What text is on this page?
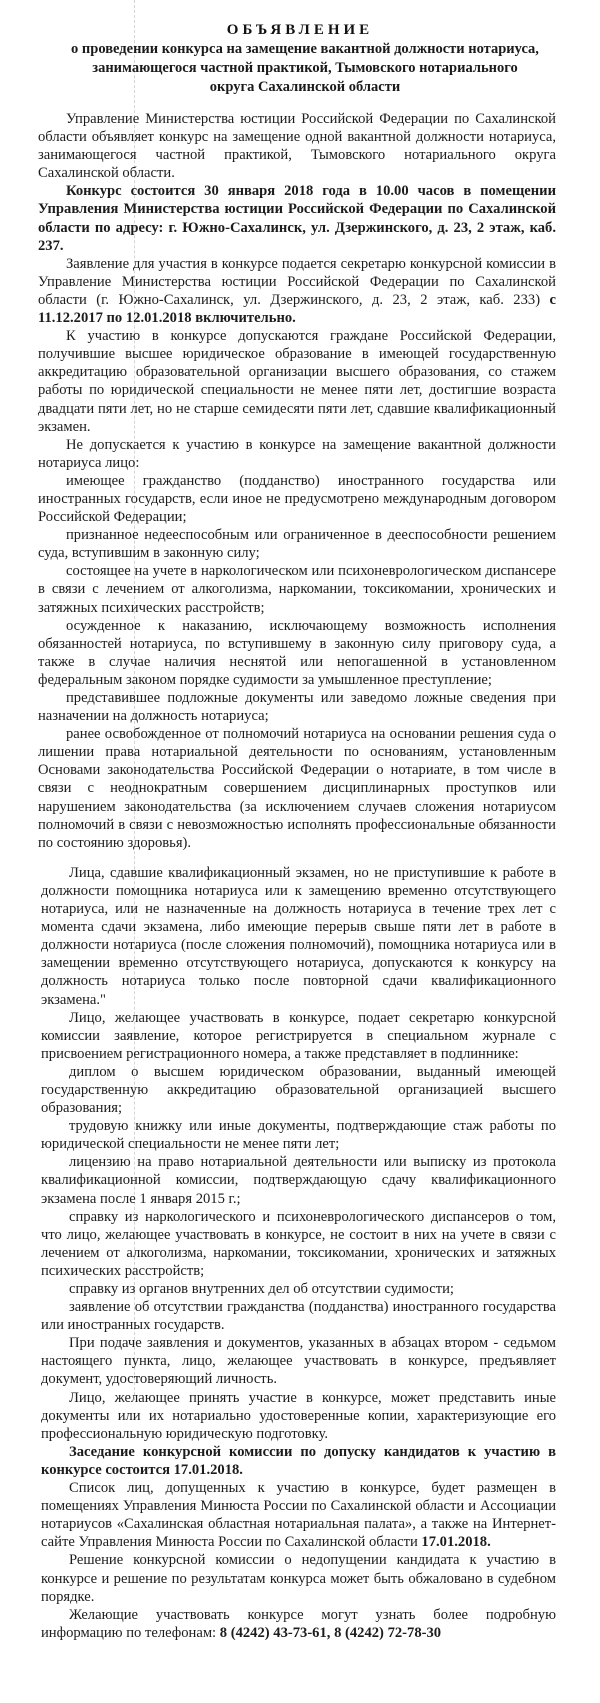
ОБЪЯВЛЕНИЕ
о проведении конкурса на замещение вакантной должности нотариуса, занимающегося частной практикой, Тымовского нотариального округа Сахалинской области

Управление Министерства юстиции Российской Федерации по Сахалинской области объявляет конкурс на замещение одной вакантной должности нотариуса, занимающегося частной практикой, Тымовского нотариального округа Сахалинской области.

Конкурс состоится 30 января 2018 года в 10.00 часов в помещении Управления Министерства юстиции Российской Федерации по Сахалинской области по адресу: г. Южно-Сахалинск, ул. Дзержинского, д. 23, 2 этаж, каб. 237.

Заявление для участия в конкурсе подается секретарю конкурсной комиссии в Управление Министерства юстиции Российской Федерации по Сахалинской области (г. Южно-Сахалинск, ул. Дзержинского, д. 23, 2 этаж, каб. 233) с 11.12.2017 по 12.01.2018 включительно.

К участию в конкурсе допускаются граждане Российской Федерации, получившие высшее юридическое образование в имеющей государственную аккредитацию образовательной организации высшего образования, со стажем работы по юридической специальности не менее пяти лет, достигшие возраста двадцати пяти лет, но не старше семидесяти пяти лет, сдавшие квалификационный экзамен.

Не допускается к участию в конкурсе на замещение вакантной должности нотариуса лицо:

имеющее гражданство (подданство) иностранного государства или иностранных государств, если иное не предусмотрено международным договором Российской Федерации;

признанное недееспособным или ограниченное в дееспособности решением суда, вступившим в законную силу;

состоящее на учете в наркологическом или психоневрологическом диспансере в связи с лечением от алкоголизма, наркомании, токсикомании, хронических и затяжных психических расстройств;

осужденное к наказанию, исключающему возможность исполнения обязанностей нотариуса, по вступившему в законную силу приговору суда, а также в случае наличия неснятой или непогашенной в установленном федеральным законом порядке судимости за умышленное преступление;

представившее подложные документы или заведомо ложные сведения при назначении на должность нотариуса;

ранее освобожденное от полномочий нотариуса на основании решения суда о лишении права нотариальной деятельности по основаниям, установленным Основами законодательства Российской Федерации о нотариате, в том числе в связи с неоднократным совершением дисциплинарных проступков или нарушением законодательства (за исключением случаев сложения нотариусом полномочий в связи с невозможностью исполнять профессиональные обязанности по состоянию здоровья).

Лица, сдавшие квалификационный экзамен, но не приступившие к работе в должности помощника нотариуса или к замещению временно отсутствующего нотариуса, или не назначенные на должность нотариуса в течение трех лет с момента сдачи экзамена, либо имеющие перерыв свыше пяти лет в работе в должности нотариуса (после сложения полномочий), помощника нотариуса или в замещении временно отсутствующего нотариуса, допускаются к конкурсу на должность нотариуса только после повторной сдачи квалификационного экзамена."

Лицо, желающее участвовать в конкурсе, подает секретарю конкурсной комиссии заявление, которое регистрируется в специальном журнале с присвоением регистрационного номера, а также представляет в подлиннике:

диплом о высшем юридическом образовании, выданный имеющей государственную аккредитацию образовательной организацией высшего образования;

трудовую книжку или иные документы, подтверждающие стаж работы по юридической специальности не менее пяти лет;

лицензию на право нотариальной деятельности или выписку из протокола квалификационной комиссии, подтверждающую сдачу квалификационного экзамена после 1 января 2015 г.;

справку из наркологического и психоневрологического диспансеров о том, что лицо, желающее участвовать в конкурсе, не состоит в них на учете в связи с лечением от алкоголизма, наркомании, токсикомании, хронических и затяжных психических расстройств;

справку из органов внутренних дел об отсутствии судимости;

заявление об отсутствии гражданства (подданства) иностранного государства или иностранных государств.

При подаче заявления и документов, указанных в абзацах втором - седьмом настоящего пункта, лицо, желающее участвовать в конкурсе, предъявляет документ, удостоверяющий личность.

Лицо, желающее принять участие в конкурсе, может представить иные документы или их нотариально удостоверенные копии, характеризующие его профессиональную юридическую подготовку.

Заседание конкурсной комиссии по допуску кандидатов к участию в конкурсе состоится 17.01.2018.

Список лиц, допущенных к участию в конкурсе, будет размещен в помещениях Управления Минюста России по Сахалинской области и Ассоциации нотариусов «Сахалинская областная нотариальная палата», а также на Интернет-сайте Управления Минюста России по Сахалинской области 17.01.2018.

Решение конкурсной комиссии о недопущении кандидата к участию в конкурсе и решение по результатам конкурса может быть обжаловано в судебном порядке.

Желающие участвовать конкурсе могут узнать более подробную информацию по телефонам: 8 (4242) 43-73-61, 8 (4242) 72-78-30
